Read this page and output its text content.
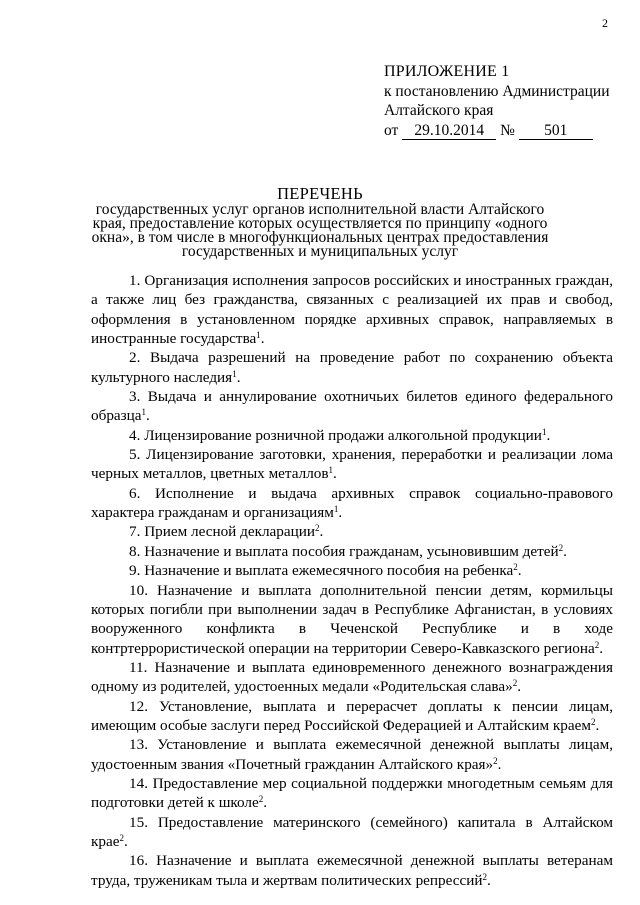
2
ПРИЛОЖЕНИЕ 1
к постановлению Администрации
Алтайского края
от 29.10.2014 № 501
ПЕРЕЧЕНЬ
государственных услуг органов исполнительной власти Алтайского края, предоставление которых осуществляется по принципу «одного окна», в том числе в многофункциональных центрах предоставления государственных и муниципальных услуг

1. Организация исполнения запросов российских и иностранных граждан, а также лиц без гражданства, связанных с реализацией их прав и свобод, оформления в установленном порядке архивных справок, направляемых в иностранные государства$^1$.

2. Выдача разрешений на проведение работ по сохранению объекта культурного наследия$^1$.

3. Выдача и аннулирование охотничьих билетов единого федерального образца$^1$.

4. Лицензирование розничной продажи алкогольной продукции$^1$.

5. Лицензирование заготовки, хранения, переработки и реализации лома черных металлов, цветных металлов$^1$.

6. Исполнение и выдача архивных справок социально-правового характера гражданам и организациям$^1$.

7. Прием лесной декларации$^2$.

8. Назначение и выплата пособия гражданам, усыновившим детей$^2$.

9. Назначение и выплата ежемесячного пособия на ребенка$^2$.

10. Назначение и выплата дополнительной пенсии детям, кормильцы которых погибли при выполнении задач в Республике Афганистан, в условиях вооруженного конфликта в Чеченской Республике и в ходе контртеррористической операции на территории Северо-Кавказского региона$^2$.

11. Назначение и выплата единовременного денежного вознаграждения одному из родителей, удостоенных медали «Родительская слава»$^2$.

12. Установление, выплата и перерасчет доплаты к пенсии лицам, имеющим особые заслуги перед Российской Федерацией и Алтайским краем$^2$.

13. Установление и выплата ежемесячной денежной выплаты лицам, удостоенным звания «Почетный гражданин Алтайского края»$^2$.

14. Предоставление мер социальной поддержки многодетным семьям для подготовки детей к школе$^2$.

15. Предоставление материнского (семейного) капитала в Алтайском крае$^2$.

16. Назначение и выплата ежемесячной денежной выплаты ветеранам труда, труженикам тыла и жертвам политических репрессий$^2$.
